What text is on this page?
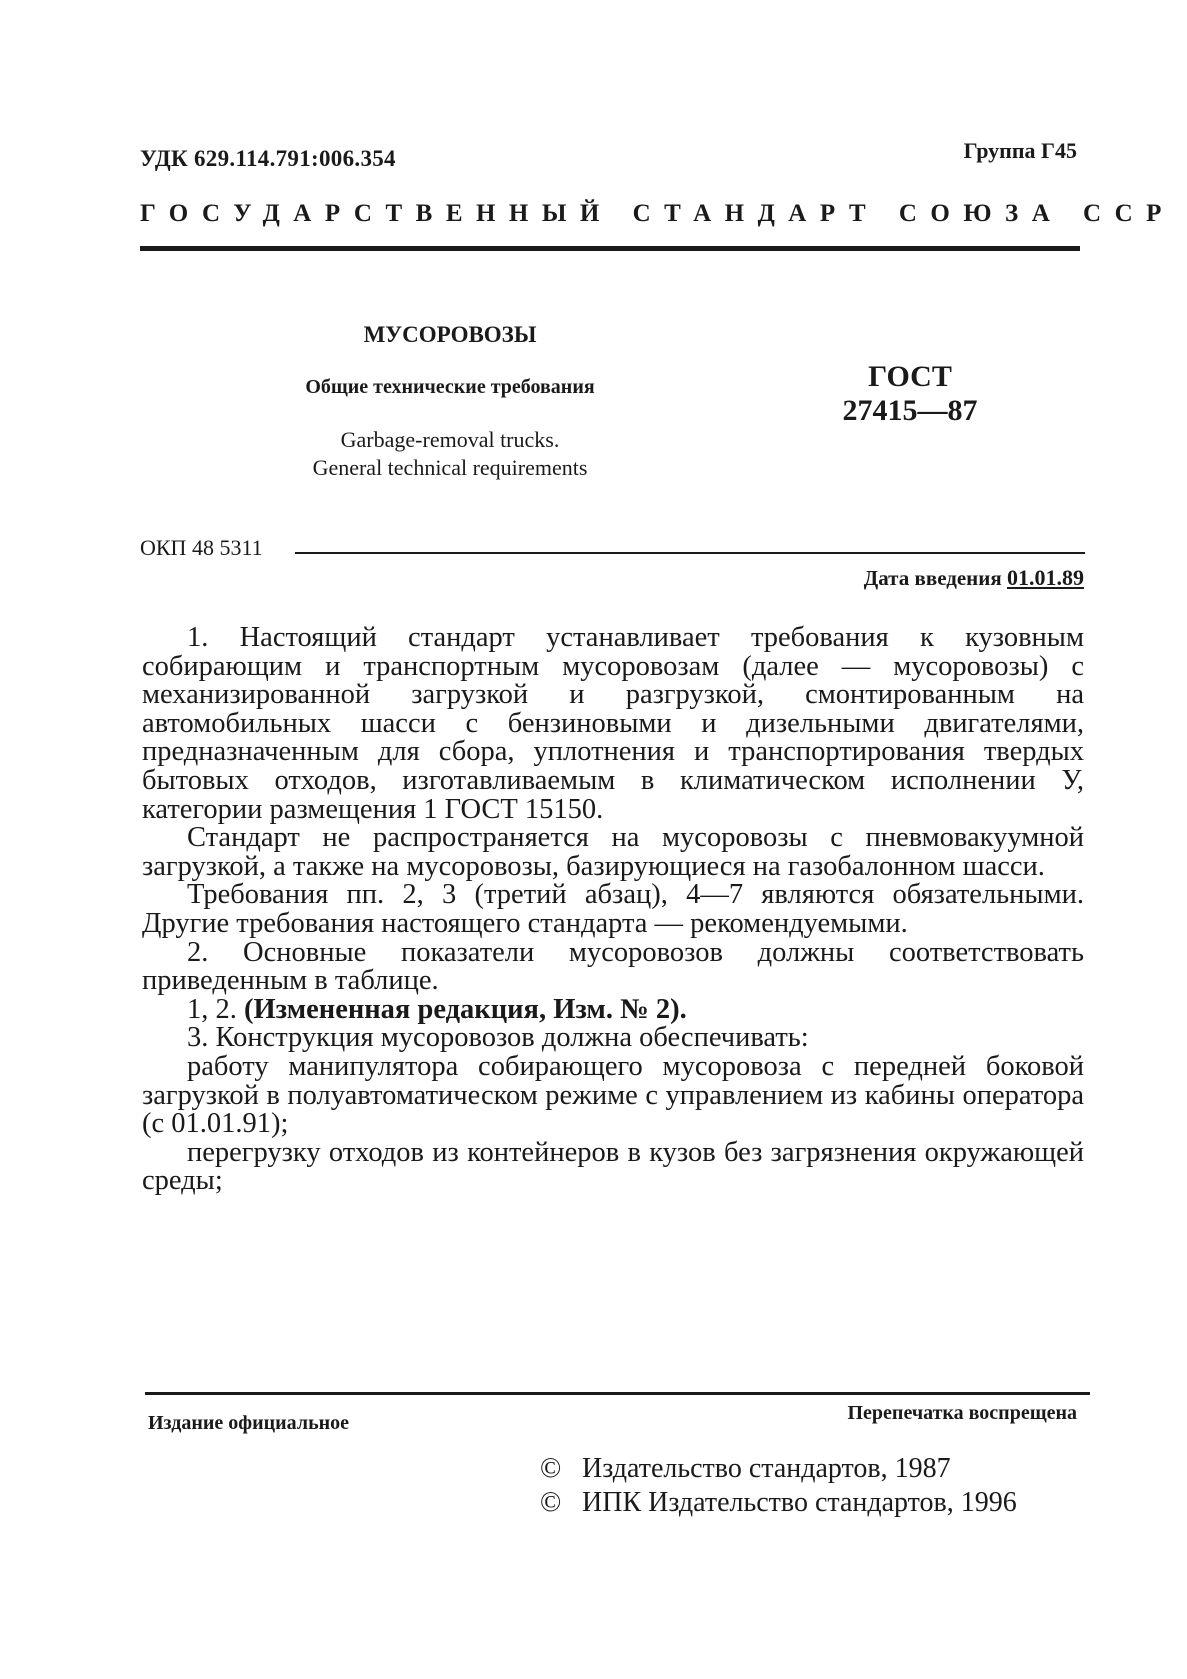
УДК 629.114.791:006.354	Группа Г45
ГОСУДАРСТВЕННЫЙ СТАНДАРТ СОЮЗА ССР
МУСОРОВОЗЫ
Общие технические требования
Garbage-removal trucks.
General technical requirements
ГОСТ
27415—87
ОКП 48 5311
Дата введения 01.01.89

1. Настоящий стандарт устанавливает требования к кузовным собирающим и транспортным мусоровозам (далее — мусоровозы) с механизированной загрузкой и разгрузкой, смонтированным на автомобильных шасси с бензиновыми и дизельными двигателями, предназначенным для сбора, уплотнения и транспортирования твердых бытовых отходов, изготавливаемым в климатическом исполнении У, категории размещения 1 ГОСТ 15150.

Стандарт не распространяется на мусоровозы с пневмовакуумной загрузкой, а также на мусоровозы, базирующиеся на газобалонном шасси.

Требования пп. 2, 3 (третий абзац), 4—7 являются обязательными. Другие требования настоящего стандарта — рекомендуемыми.

2. Основные показатели мусоровозов должны соответствовать приведенным в таблице.

1, 2. (Измененная редакция, Изм. № 2).

3. Конструкция мусоровозов должна обеспечивать:

работу манипулятора собирающего мусоровоза с передней боковой загрузкой в полуавтоматическом режиме с управлением из кабины оператора (с 01.01.91);

перегрузку отходов из контейнеров в кузов без загрязнения окружающей среды;

Издание официальное	Перепечатка воспрещена
© Издательство стандартов, 1987
© ИПК Издательство стандартов, 1996
